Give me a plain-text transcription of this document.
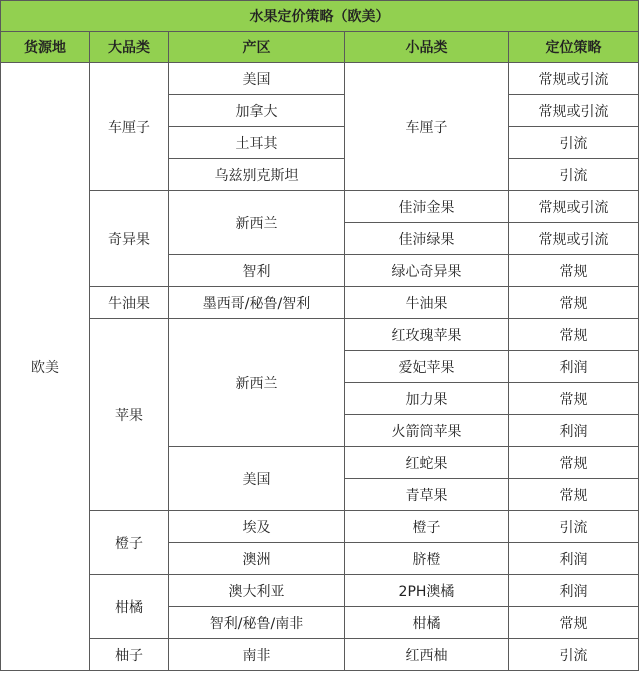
水果定价策略（欧美）				
货源地	大品类	产区	小品类	定位策略
欧美	车厘子	美国	车厘子	常规或引流
		加拿大		常规或引流
		土耳其		引流
		乌兹别克斯坦		引流
	奇异果	新西兰	佳沛金果	常规或引流
			佳沛绿果	常规或引流
		智利	绿心奇异果	常规
	牛油果	墨西哥/秘鲁/智利	牛油果	常规
	苹果	新西兰	红玫瑰苹果	常规
			爱妃苹果	利润
			加力果	常规
			火箭筒苹果	利润
		美国	红蛇果	常规
			青草果	常规
	橙子	埃及	橙子	引流
		澳洲	脐橙	利润
	柑橘	澳大利亚	2PH澳橘	利润
		智利/秘鲁/南非	柑橘	常规
	柚子	南非	红西柚	引流
